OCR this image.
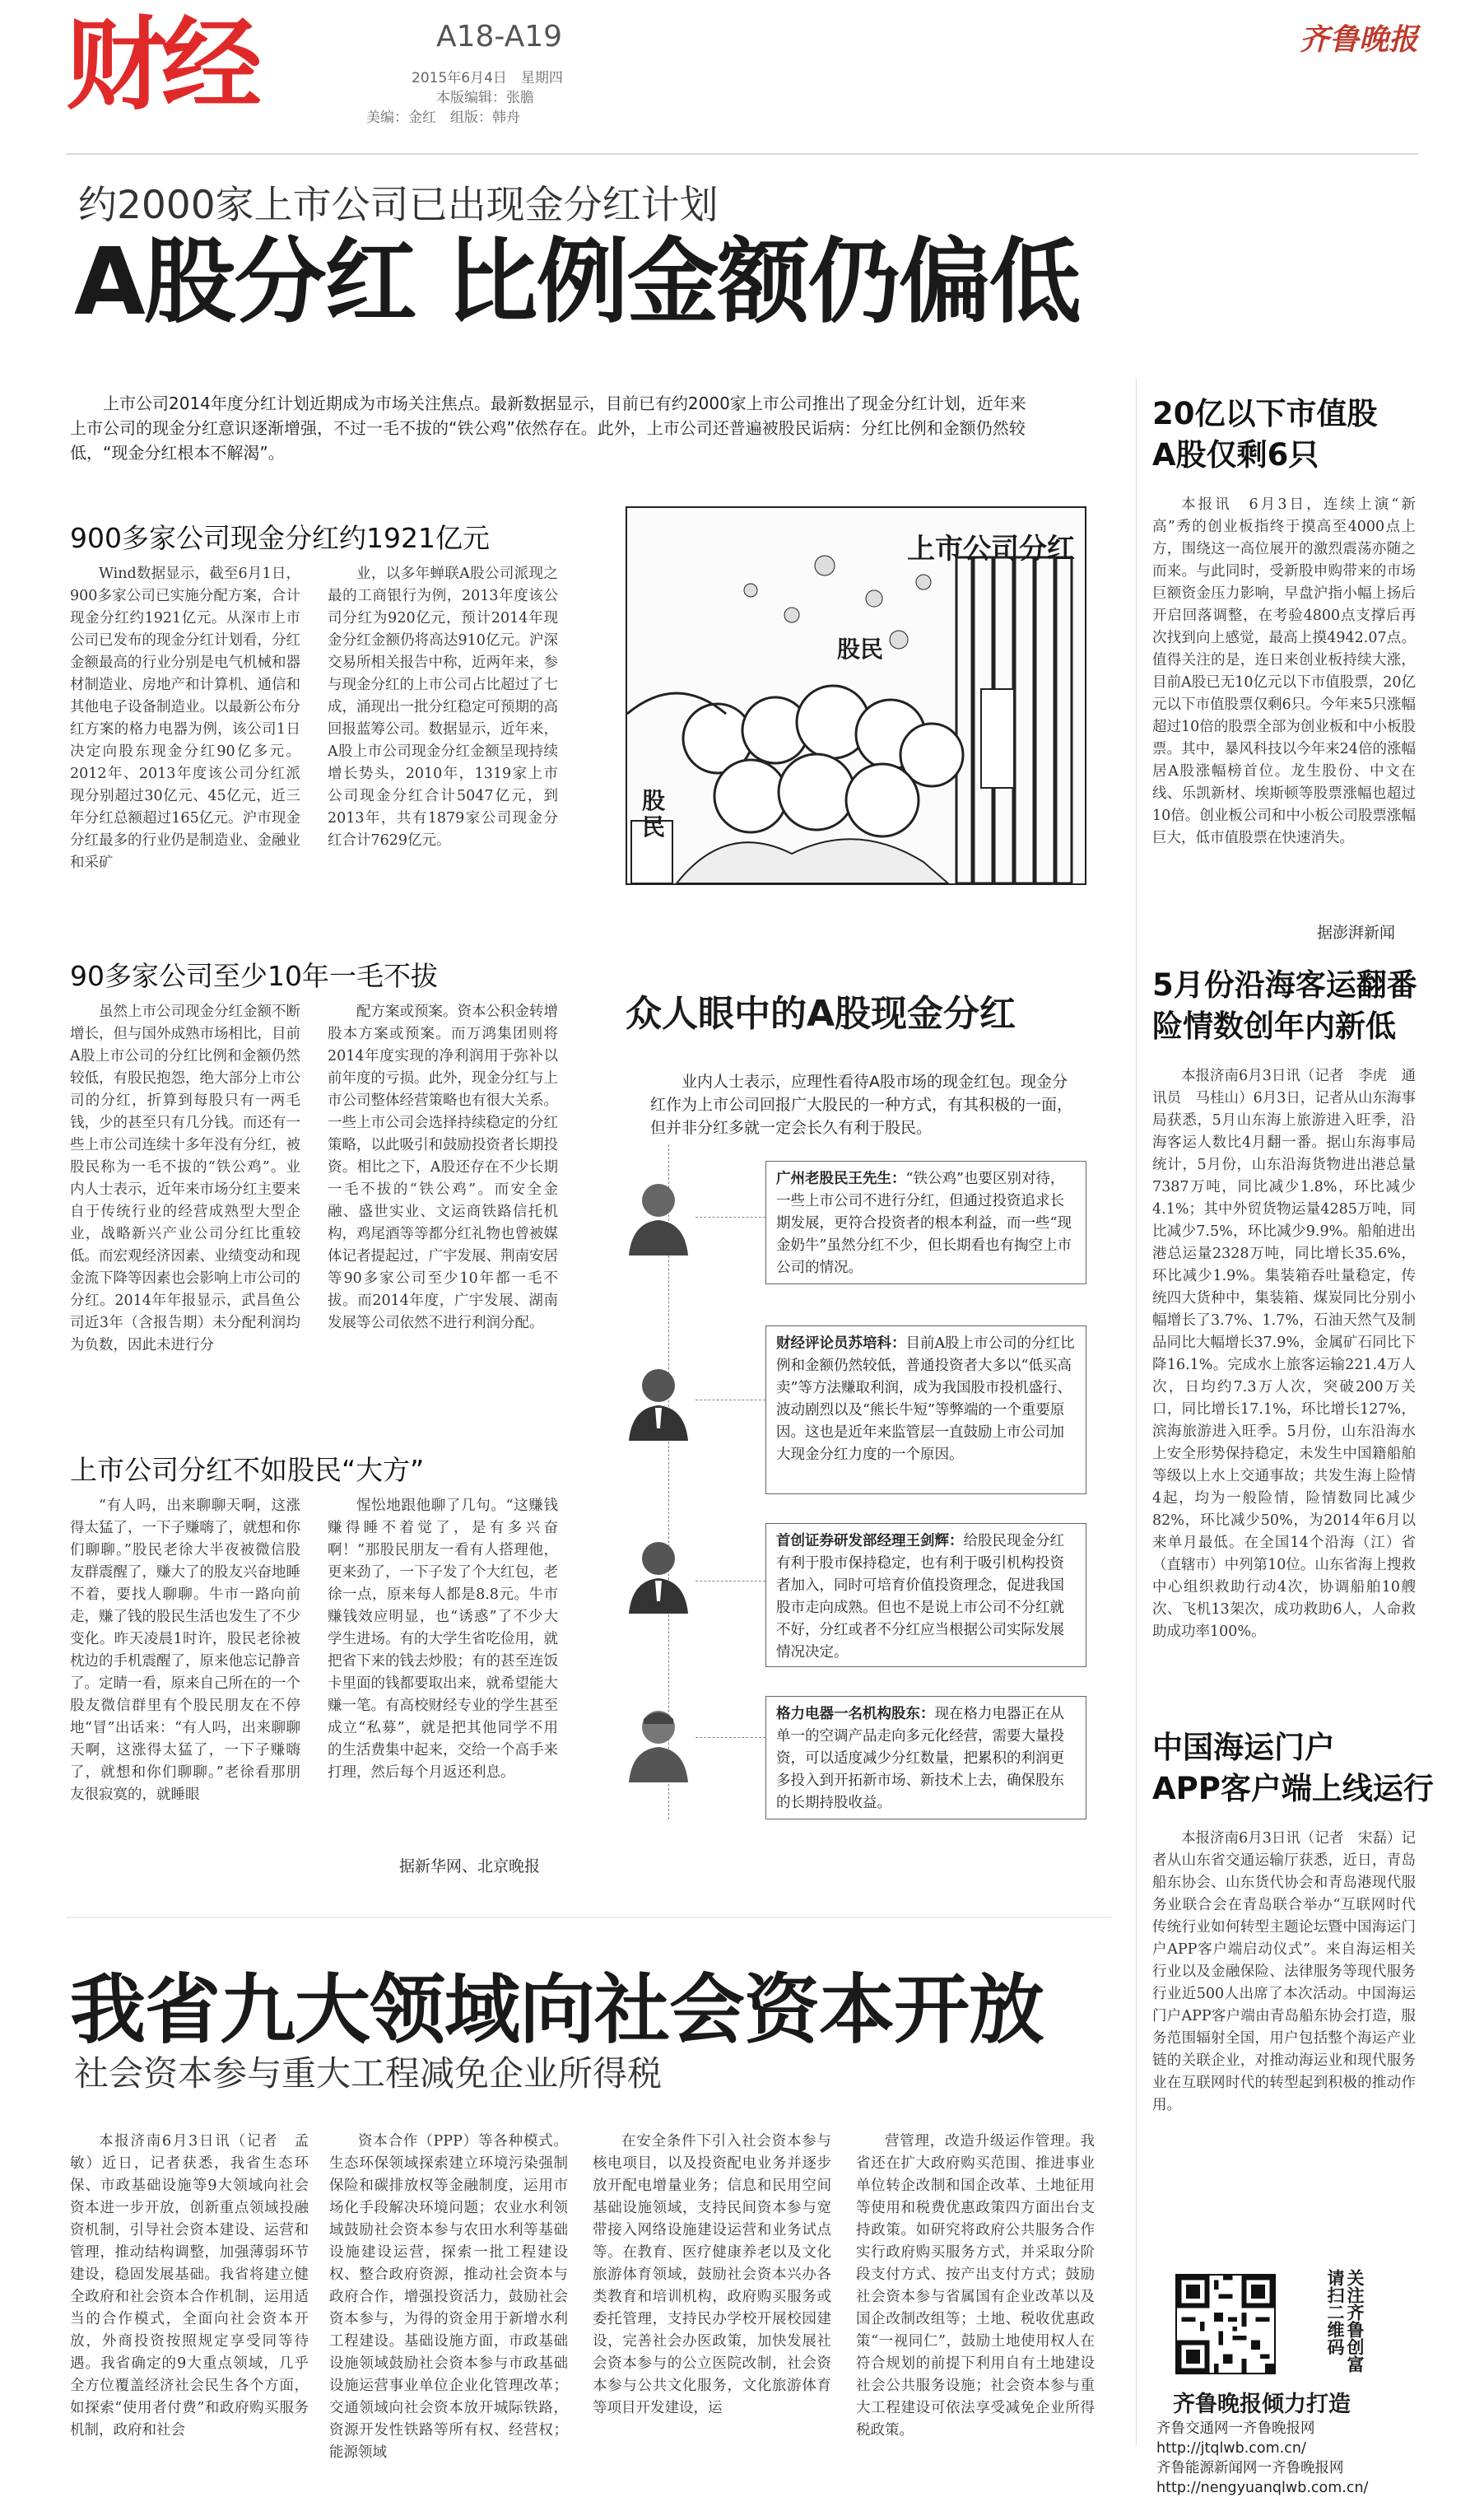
财经	A18-A19
2015年6月4日　星期四
本版编辑：张膽
美编：金红　组版：韩舟
齐鲁晚报
约2000家上市公司已出现金分红计划
A股分红 比例金额仍偏低
上市公司2014年度分红计划近期成为市场关注焦点。最新数据显示，目前已有约2000家上市公司推出了现金分红计划，近年来上市公司的现金分红意识逐渐增强，不过一毛不拔的“铁公鸡”依然存在。此外，上市公司还普遍被股民诟病：分红比例和金额仍然较低，“现金分红根本不解渴”。
900多家公司现金分红约1921亿元
Wind数据显示，截至6月1日，900多家公司已实施分配方案，合计现金分红约1921亿元。从深市上市公司已发布的现金分红计划看，分红金额最高的行业分别是电气机械和器材制造业、房地产和计算机、通信和其他电子设备制造业。以最新公布分红方案的格力电器为例，该公司1日决定向股东现金分红90亿多元。2012年、2013年度该公司分红派现分别超过30亿元、45亿元，近三年分红总额超过165亿元。沪市现金分红最多的行业仍是制造业、金融业和采矿
业，以多年蝉联A股公司派现之最的工商银行为例，2013年度该公司分红为920亿元，预计2014年现金分红金额仍将高达910亿元。沪深交易所相关报告中称，近两年来，参与现金分红的上市公司占比超过了七成，涌现出一批分红稳定可预期的高回报蓝筹公司。数据显示，近年来，A股上市公司现金分红金额呈现持续增长势头，2010年，1319家上市公司现金分红合计5047亿元，到2013年，共有1879家公司现金分红合计7629亿元。
90多家公司至少10年一毛不拔
虽然上市公司现金分红金额不断增长，但与国外成熟市场相比，目前A股上市公司的分红比例和金额仍然较低，有股民抱怨，绝大部分上市公司的分红，折算到每股只有一两毛钱，少的甚至只有几分钱。而还有一些上市公司连续十多年没有分红，被股民称为一毛不拔的“铁公鸡”。业内人士表示，近年来市场分红主要来自于传统行业的经营成熟型大型企业，战略新兴产业公司分红比重较低。而宏观经济因素、业绩变动和现金流下降等因素也会影响上市公司的分红。2014年年报显示，武昌鱼公司近3年（含报告期）未分配利润均为负数，因此未进行分
配方案或预案。资本公积金转增股本方案或预案。而万鸿集团则将2014年度实现的净利润用于弥补以前年度的亏损。此外，现金分红与上市公司整体经营策略也有很大关系。一些上市公司会选择持续稳定的分红策略，以此吸引和鼓励投资者长期投资。相比之下，A股还存在不少长期一毛不拔的“铁公鸡”。而安全金融、盛世实业、文运商铁路信托机构，鸡尾酒等等都分红礼物也曾被媒体记者提起过，广宇发展、荆南安居等90多家公司至少10年都一毛不拔。而2014年度，广宇发展、湖南发展等公司依然不进行利润分配。
上市公司分红不如股民“大方”
“有人吗，出来聊聊天啊，这涨得太猛了，一下子赚嗨了，就想和你们聊聊。”股民老徐大半夜被微信股友群震醒了，赚大了的股友兴奋地睡不着，要找人聊聊。牛市一路向前走，赚了钱的股民生活也发生了不少变化。昨天凌晨1时许，股民老徐被枕边的手机震醒了，原来他忘记静音了。定睛一看，原来自己所在的一个股友微信群里有个股民朋友在不停地“冒”出话来：“有人吗，出来聊聊天啊，这涨得太猛了，一下子赚嗨了，就想和你们聊聊。”老徐看那朋友很寂寞的，就睡眼
惺忪地跟他聊了几句。“这赚钱赚得睡不着觉了，是有多兴奋啊！”那股民朋友一看有人搭理他，更来劲了，一下子发了个大红包，老徐一点，原来每人都是8.8元。牛市赚钱效应明显，也“诱惑”了不少大学生进场。有的大学生省吃俭用，就把省下来的钱去炒股；有的甚至连饭卡里面的钱都要取出来，就希望能大赚一笔。有高校财经专业的学生甚至成立“私募”，就是把其他同学不用的生活费集中起来，交给一个高手来打理，然后每个月返还利息。
据新华网、北京晚报
上市公司分红
股民
股民
众人眼中的A股现金分红
业内人士表示，应理性看待A股市场的现金红包。现金分红作为上市公司回报广大股民的一种方式，有其积极的一面，但并非分红多就一定会长久有利于股民。
广州老股民王先生：“铁公鸡”也要区别对待，一些上市公司不进行分红，但通过投资追求长期发展，更符合投资者的根本利益，而一些“现金奶牛”虽然分红不少，但长期看也有掏空上市公司的情况。
财经评论员苏培科：目前A股上市公司的分红比例和金额仍然较低，普通投资者大多以“低买高卖”等方法赚取利润，成为我国股市投机盛行、波动剧烈以及“熊长牛短”等弊端的一个重要原因。这也是近年来监管层一直鼓励上市公司加大现金分红力度的一个原因。
首创证券研发部经理王剑辉：给股民现金分红有利于股市保持稳定，也有利于吸引机构投资者加入，同时可培育价值投资理念，促进我国股市走向成熟。但也不是说上市公司不分红就不好，分红或者不分红应当根据公司实际发展情况决定。
格力电器一名机构股东：现在格力电器正在从单一的空调产品走向多元化经营，需要大量投资，可以适度减少分红数量，把累积的利润更多投入到开拓新市场、新技术上去，确保股东的长期持股收益。
20亿以下市值股
A股仅剩6只
本报讯　6月3日，连续上演“新高”秀的创业板指终于摸高至4000点上方，围绕这一高位展开的激烈震荡亦随之而来。与此同时，受新股申购带来的市场巨额资金压力影响，早盘沪指小幅上扬后开启回落调整，在考验4800点支撑后再次找到向上感觉，最高上摸4942.07点。值得关注的是，连日来创业板持续大涨，目前A股已无10亿元以下市值股票，20亿元以下市值股票仅剩6只。今年来5只涨幅超过10倍的股票全部为创业板和中小板股票。其中，暴风科技以今年来24倍的涨幅居A股涨幅榜首位。龙生股份、中文在线、乐凯新材、埃斯顿等股票涨幅也超过10倍。创业板公司和中小板公司股票涨幅巨大，低市值股票在快速消失。
据澎湃新闻
5月份沿海客运翻番
险情数创年内新低
本报济南6月3日讯（记者　李虎　通讯员　马桂山）6月3日，记者从山东海事局获悉，5月山东海上旅游进入旺季，沿海客运人数比4月翻一番。据山东海事局统计，5月份，山东沿海货物进出港总量7387万吨，同比减少1.8%，环比减少4.1%；其中外贸货物运量4285万吨，同比减少7.5%，环比减少9.9%。船舶进出港总运量2328万吨，同比增长35.6%，环比减少1.9%。集装箱吞吐量稳定，传统四大货种中，集装箱、煤炭同比分别小幅增长了3.7%、1.7%，石油天然气及制品同比大幅增长37.9%，金属矿石同比下降16.1%。完成水上旅客运输221.4万人次，日均约7.3万人次，突破200万关口，同比增长17.1%，环比增长127%，滨海旅游进入旺季。5月份，山东沿海水上安全形势保持稳定，未发生中国籍船舶等级以上水上交通事故；共发生海上险情4起，均为一般险情，险情数同比减少82%，环比减少50%，为2014年6月以来单月最低。在全国14个沿海（江）省（直辖市）中列第10位。山东省海上搜救中心组织救助行动4次，协调船舶10艘次、飞机13架次，成功救助6人，人命救助成功率100%。
中国海运门户
APP客户端上线运行
本报济南6月3日讯（记者　宋磊）记者从山东省交通运输厅获悉，近日，青岛船东协会、山东货代协会和青岛港现代服务业联合会在青岛联合举办“互联网时代传统行业如何转型主题论坛暨中国海运门户APP客户端启动仪式”。来自海运相关行业以及金融保险、法律服务等现代服务行业近500人出席了本次活动。中国海运门户APP客户端由青岛船东协会打造，服务范围辐射全国，用户包括整个海运产业链的关联企业，对推动海运业和现代服务业在互联网时代的转型起到积极的推动作用。
我省九大领域向社会资本开放
社会资本参与重大工程减免企业所得税
本报济南6月3日讯（记者　孟敏）近日，记者获悉，我省生态环保、市政基础设施等9大领域向社会资本进一步开放，创新重点领域投融资机制，引导社会资本建设、运营和管理，推动结构调整，加强薄弱环节建设，稳固发展基础。我省将建立健全政府和社会资本合作机制，运用适当的合作模式，全面向社会资本开放，外商投资按照规定享受同等待遇。我省确定的9大重点领域，几乎全方位覆盖经济社会民生各个方面，如探索“使用者付费”和政府购买服务机制，政府和社会
资本合作（PPP）等各种模式。生态环保领域探索建立环境污染强制保险和碳排放权等金融制度，运用市场化手段解决环境问题；农业水利领域鼓励社会资本参与农田水利等基础设施建设运营，探索一批工程建设权、整合政府资源，推动社会资本与政府合作，增强投资活力，鼓励社会资本参与，为得的资金用于新增水利工程建设。基础设施方面，市政基础设施领域鼓励社会资本参与市政基础设施运营事业单位企业化管理改革；交通领域向社会资本放开城际铁路，资源开发性铁路等所有权、经营权；能源领域
在安全条件下引入社会资本参与核电项目，以及投资配电业务并逐步放开配电增量业务；信息和民用空间基础设施领域，支持民间资本参与宽带接入网络设施建设运营和业务试点等。在教育、医疗健康养老以及文化旅游体育领域，鼓励社会资本兴办各类教育和培训机构，政府购买服务或委托管理，支持民办学校开展校园建设，完善社会办医政策，加快发展社会资本参与的公立医院改制，社会资本参与公共文化服务，文化旅游体育等项目开发建设，运
营管理，改造升级运作管理。我省还在扩大政府购买范围、推进事业单位转企改制和国企改革、土地征用等使用和税费优惠政策四方面出台支持政策。如研究将政府公共服务合作实行政府购买服务方式，并采取分阶段支付方式、按产出支付方式；鼓励社会资本参与省属国有企业改革以及国企改制改组等；土地、税收优惠政策“一视同仁”，鼓励土地使用权人在符合规划的前提下利用自有土地建设社会公共服务设施；社会资本参与重大工程建设可依法享受减免企业所得税政策。
关注齐鲁创富 请扫二维码
齐鲁晚报倾力打造
齐鲁交通网一齐鲁晚报网
http://jtqlwb.com.cn/
齐鲁能源新闻网一齐鲁晚报网
http://nengyuanqlwb.com.cn/
